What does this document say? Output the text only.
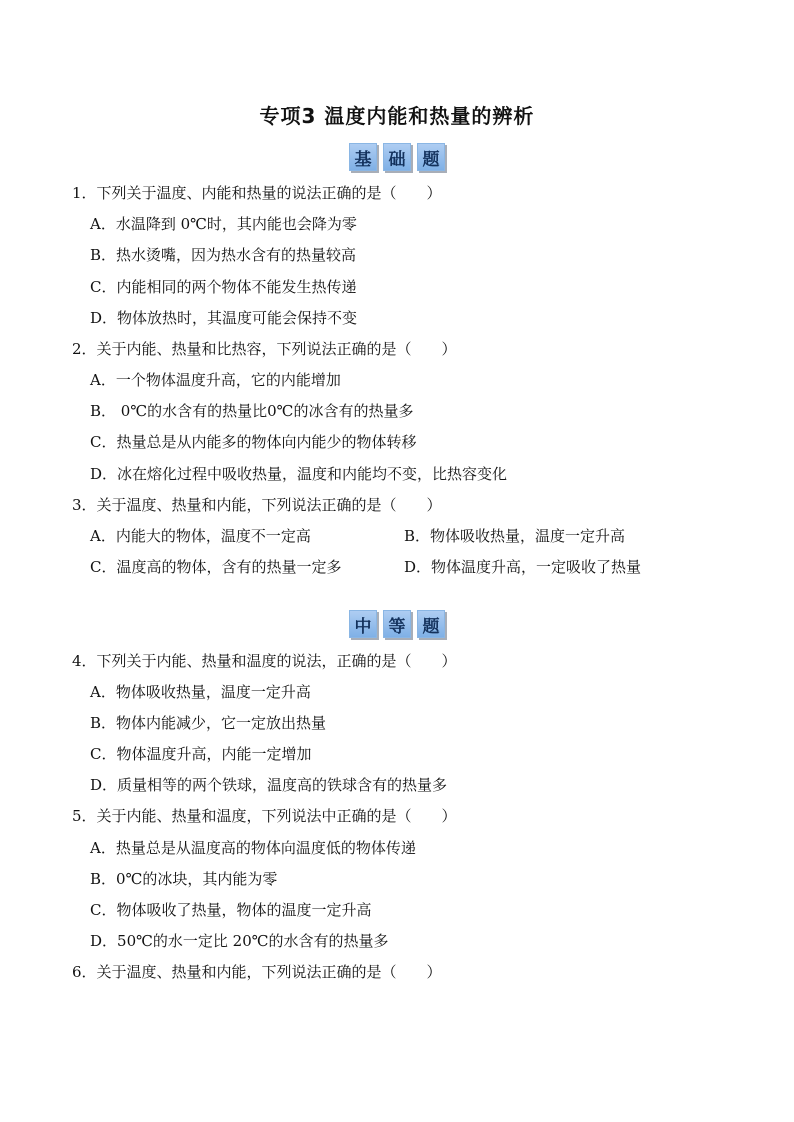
专项3 温度内能和热量的辨析
基	础	题
1．下列关于温度、内能和热量的说法正确的是（　　）
A．水温降到 0℃时，其内能也会降为零
B．热水烫嘴，因为热水含有的热量较高
C．内能相同的两个物体不能发生热传递
D．物体放热时，其温度可能会保持不变
2．关于内能、热量和比热容，下列说法正确的是（　　）
A．一个物体温度升高，它的内能增加
B． 0℃的水含有的热量比0℃的冰含有的热量多
C．热量总是从内能多的物体向内能少的物体转移
D．冰在熔化过程中吸收热量，温度和内能均不变，比热容变化
3．关于温度、热量和内能，下列说法正确的是（　　）
A．内能大的物体，温度不一定高	B．物体吸收热量，温度一定升高
C．温度高的物体，含有的热量一定多	D．物体温度升高，一定吸收了热量
中	等	题
4．下列关于内能、热量和温度的说法，正确的是（　　）
A．物体吸收热量，温度一定升高
B．物体内能减少，它一定放出热量
C．物体温度升高，内能一定增加
D．质量相等的两个铁球，温度高的铁球含有的热量多
5．关于内能、热量和温度，下列说法中正确的是（　　）
A．热量总是从温度高的物体向温度低的物体传递
B．0℃的冰块，其内能为零
C．物体吸收了热量，物体的温度一定升高
D．50℃的水一定比 20℃的水含有的热量多
6．关于温度、热量和内能，下列说法正确的是（　　）
